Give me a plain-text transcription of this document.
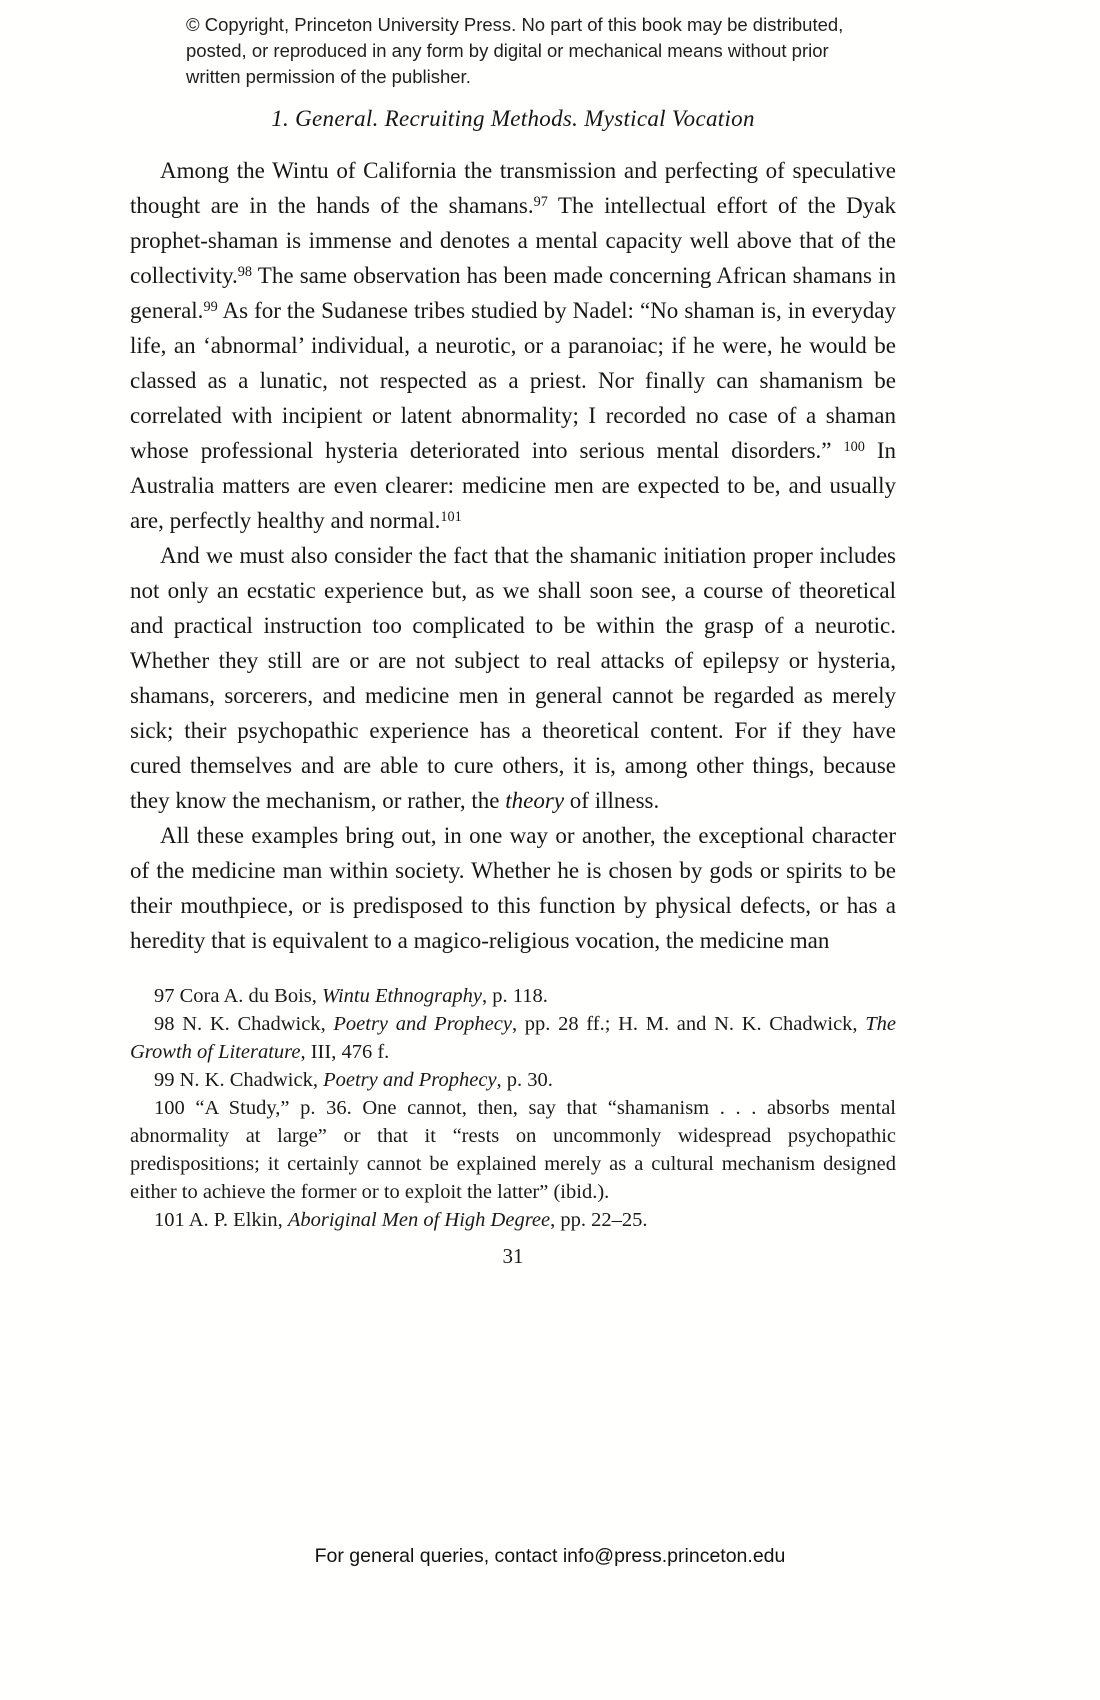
© Copyright, Princeton University Press. No part of this book may be distributed, posted, or reproduced in any form by digital or mechanical means without prior written permission of the publisher.
1. General. Recruiting Methods. Mystical Vocation

Among the Wintu of California the transmission and perfecting of speculative thought are in the hands of the shamans.$^{97}$ The intellectual effort of the Dyak prophet-shaman is immense and denotes a mental capacity well above that of the collectivity.$^{98}$ The same observation has been made concerning African shamans in general.$^{99}$ As for the Sudanese tribes studied by Nadel: “No shaman is, in everyday life, an ‘abnormal’ individual, a neurotic, or a paranoiac; if he were, he would be classed as a lunatic, not respected as a priest. Nor finally can shamanism be correlated with incipient or latent abnormality; I recorded no case of a shaman whose professional hysteria deteriorated into serious mental disorders.” $^{100}$ In Australia matters are even clearer: medicine men are expected to be, and usually are, perfectly healthy and normal.$^{101}$

And we must also consider the fact that the shamanic initiation proper includes not only an ecstatic experience but, as we shall soon see, a course of theoretical and practical instruction too complicated to be within the grasp of a neurotic. Whether they still are or are not subject to real attacks of epilepsy or hysteria, shamans, sorcerers, and medicine men in general cannot be regarded as merely sick; their psychopathic experience has a theoretical content. For if they have cured themselves and are able to cure others, it is, among other things, because they know the mechanism, or rather, the theory of illness.

All these examples bring out, in one way or another, the exceptional character of the medicine man within society. Whether he is chosen by gods or spirits to be their mouthpiece, or is predisposed to this function by physical defects, or has a heredity that is equivalent to a magico-religious vocation, the medicine man

97 Cora A. du Bois, Wintu Ethnography, p. 118.

98 N. K. Chadwick, Poetry and Prophecy, pp. 28 ff.; H. M. and N. K. Chadwick, The Growth of Literature, III, 476 f.

99 N. K. Chadwick, Poetry and Prophecy, p. 30.

100 “A Study,” p. 36. One cannot, then, say that “shamanism . . . absorbs mental abnormality at large” or that it “rests on uncommonly widespread psychopathic predispositions; it certainly cannot be explained merely as a cultural mechanism designed either to achieve the former or to exploit the latter” (ibid.).

101 A. P. Elkin, Aboriginal Men of High Degree, pp. 22–25.

31
For general queries, contact info@press.princeton.edu
